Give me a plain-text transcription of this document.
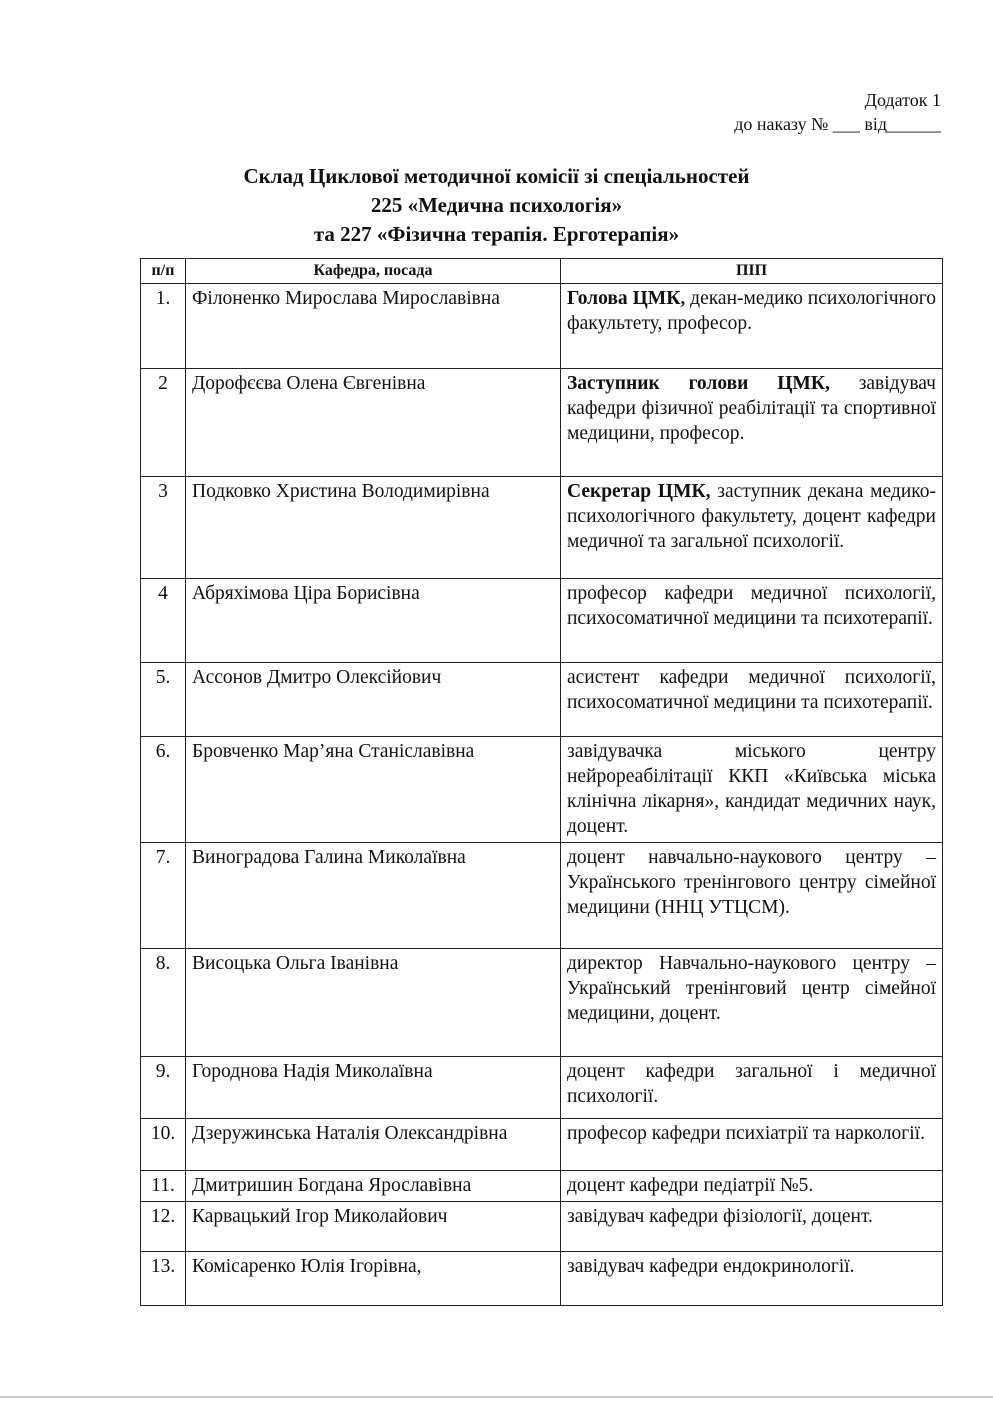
Додаток 1
до наказу № ___ від______
Склад Циклової методичної комісії зі спеціальностей
225 «Медична психологія»
та 227 «Фізична терапія. Ерготерапія»
п/п	Кафедра, посада	ПІП
1.	Філоненко Мирослава Мирославівна	Голова ЦМК, декан-медико психологічного факультету, професор.
2	Дорофєєва Олена Євгенівна	Заступник голови ЦМК, завідувач кафедри фізичної реабілітації та спортивної медицини, професор.
3	Подковко Христина Володимирівна	Секретар ЦМК, заступник декана медико-психологічного факультету, доцент кафедри медичної та загальної психології.
4	Абряхімова Ціра Борисівна	професор кафедри медичної психології, психосоматичної медицини та психотерапії.
5.	Ассонов Дмитро Олексійович	асистент кафедри медичної психології, психосоматичної медицини та психотерапії.
6.	Бровченко Мар’яна Станіславівна	завідувачка міського центру нейрореабілітації ККП «Київська міська клінічна лікарня», кандидат медичних наук, доцент.
7.	Виноградова Галина Миколаївна	доцент навчально-наукового центру – Українського тренінгового центру сімейної медицини (ННЦ УТЦСМ).
8.	Висоцька Ольга Іванівна	директор Навчально-наукового центру – Український тренінговий центр сімейної медицини, доцент.
9.	Городнова Надія Миколаївна	доцент кафедри загальної і медичної психології.
10.	Дзеружинська Наталія Олександрівна	професор кафедри психіатрії та наркології.
11.	Дмитришин Богдана Ярославівна	доцент кафедри педіатрії №5.
12.	Карвацький Ігор Миколайович	завідувач кафедри фізіології, доцент.
13.	Комісаренко Юлія Ігорівна,	завідувач кафедри ендокринології.
